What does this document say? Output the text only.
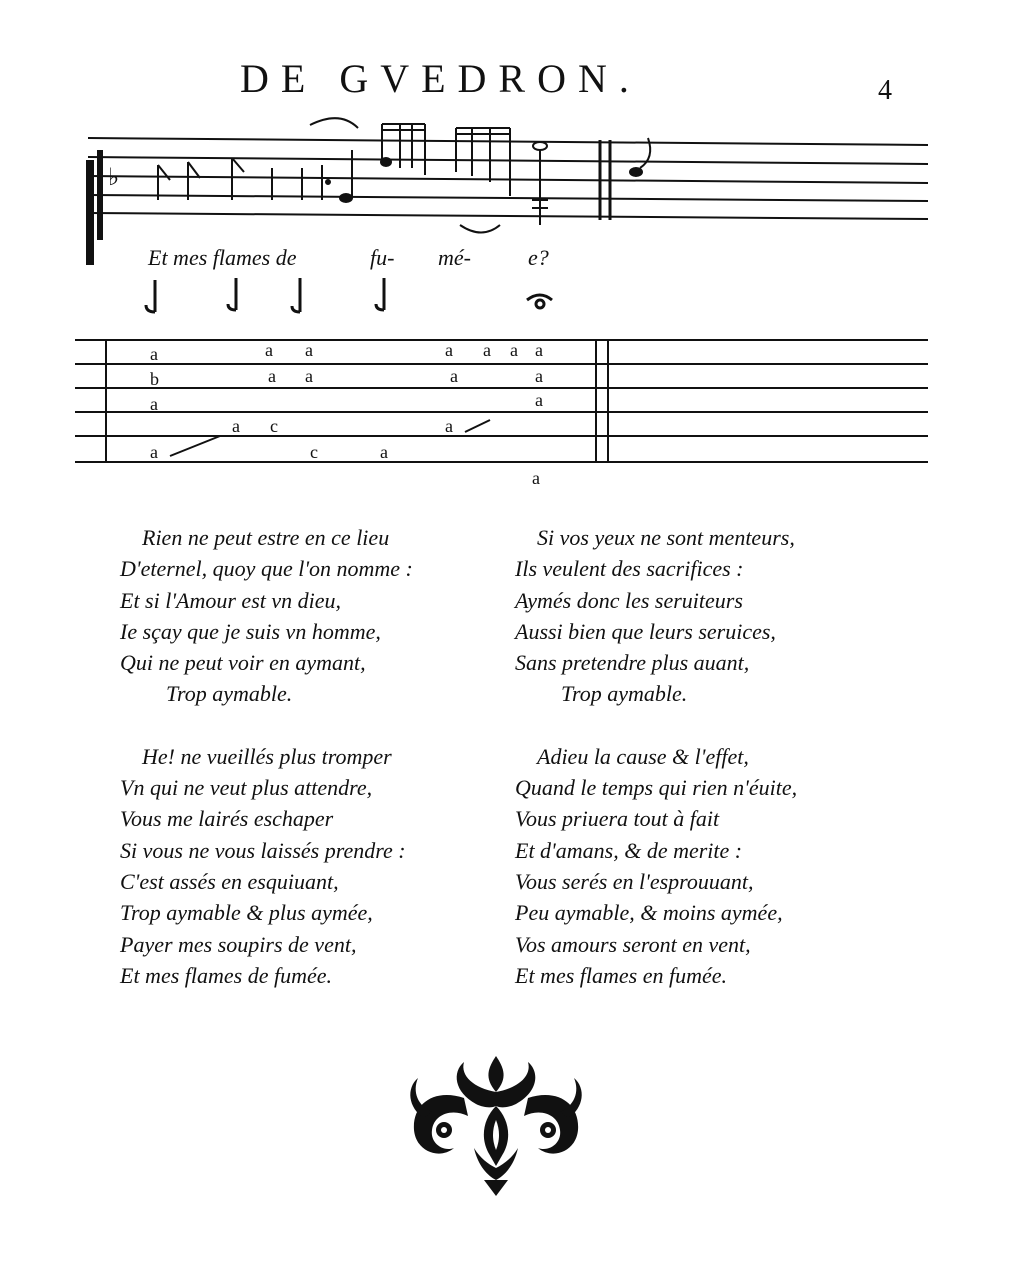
DE GVEDRON.	4
♭
Et mes flames de	fu- mé-	e?
a	a a	a a a a
b	a a	a	a
a	a
a c	a
a	c	a
a
Rien ne peut estre en ce lieu
D'eternel, quoy que l'on nomme :
Et si l'Amour est vn dieu,
Ie sçay que je suis vn homme,
Qui ne peut voir en aymant,
Trop aymable.
He! ne vueillés plus tromper
Vn qui ne veut plus attendre,
Vous me lairés eschaper
Si vous ne vous laissés prendre :
C'est assés en esquiuant,
Trop aymable & plus aymée,
Payer mes soupirs de vent,
Et mes flames de fumée.
Si vos yeux ne sont menteurs,
Ils veulent des sacrifices :
Aymés donc les seruiteurs
Aussi bien que leurs seruices,
Sans pretendre plus auant,
Trop aymable.
Adieu la cause & l'effet,
Quand le temps qui rien n'éuite,
Vous priuera tout à fait
Et d'amans, & de merite :
Vous serés en l'esprouuant,
Peu aymable, & moins aymée,
Vos amours seront en vent,
Et mes flames en fumée.
